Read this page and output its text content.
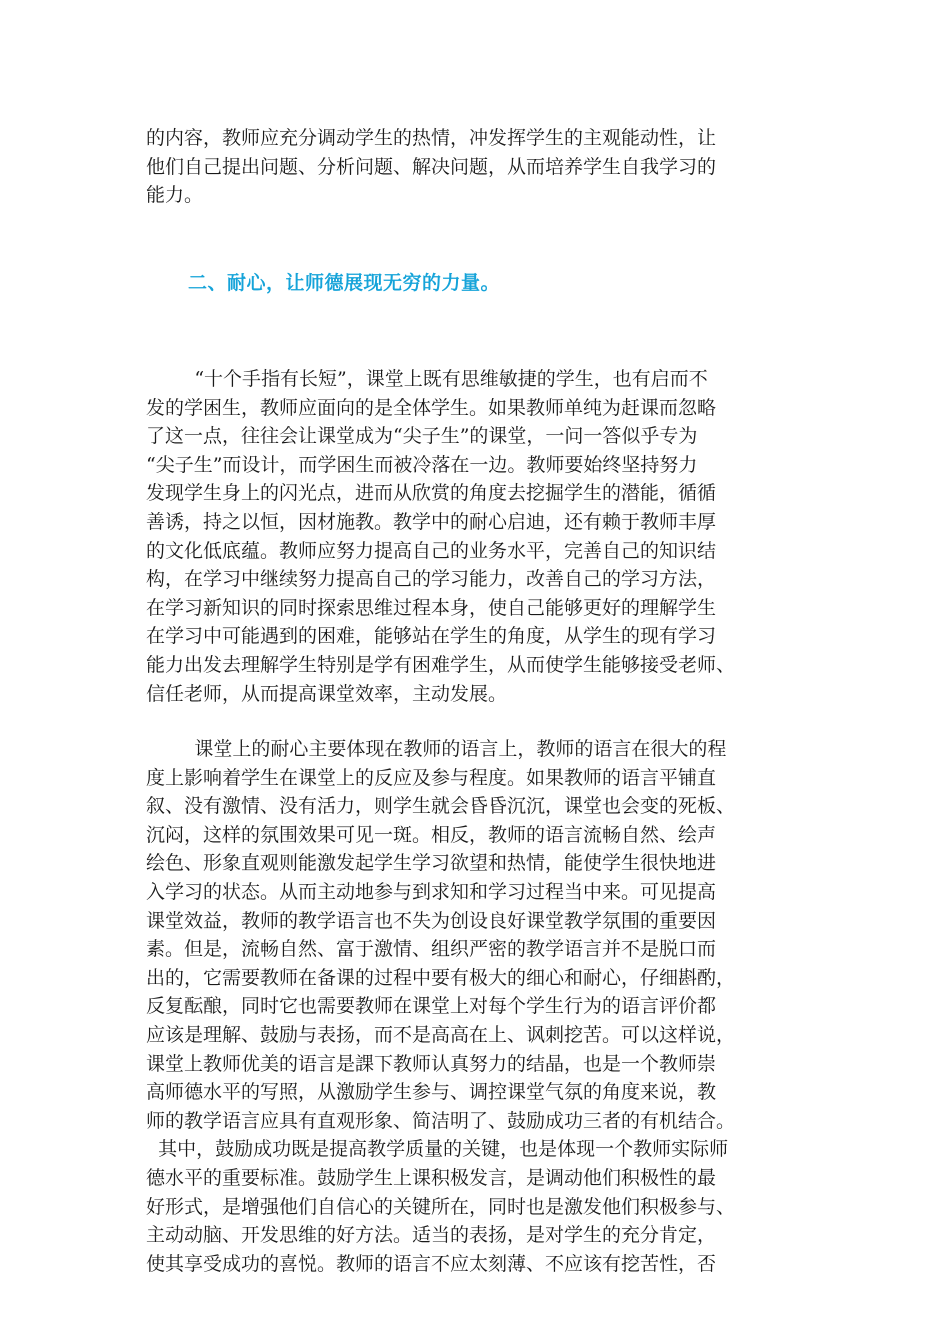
的内容，教师应充分调动学生的热情，冲发挥学生的主观能动性，让
他们自己提出问题、分析问题、解决问题，从而培养学生自我学习的
能力。
二、耐心，让师德展现无穷的力量。
“十个手指有长短”，课堂上既有思维敏捷的学生，也有启而不
发的学困生，教师应面向的是全体学生。如果教师单纯为赶课而忽略
了这一点，往往会让课堂成为“尖子生”的课堂，一问一答似乎专为
“尖子生”而设计，而学困生而被冷落在一边。教师要始终坚持努力
发现学生身上的闪光点，进而从欣赏的角度去挖掘学生的潜能，循循
善诱，持之以恒，因材施教。教学中的耐心启迪，还有赖于教师丰厚
的文化低底蕴。教师应努力提高自己的业务水平，完善自己的知识结
构，在学习中继续努力提高自己的学习能力，改善自己的学习方法，
在学习新知识的同时探索思维过程本身，使自己能够更好的理解学生
在学习中可能遇到的困难，能够站在学生的角度，从学生的现有学习
能力出发去理解学生特别是学有困难学生，从而使学生能够接受老师、
信任老师，从而提高课堂效率，主动发展。
课堂上的耐心主要体现在教师的语言上，教师的语言在很大的程
度上影响着学生在课堂上的反应及参与程度。如果教师的语言平铺直
叙、没有激情、没有活力，则学生就会昏昏沉沉，课堂也会变的死板、
沉闷，这样的氛围效果可见一斑。相反，教师的语言流畅自然、绘声
绘色、形象直观则能激发起学生学习欲望和热情，能使学生很快地进
入学习的状态。从而主动地参与到求知和学习过程当中来。可见提高
课堂效益，教师的教学语言也不失为创设良好课堂教学氛围的重要因
素。但是，流畅自然、富于激情、组织严密的教学语言并不是脱口而
出的，它需要教师在备课的过程中要有极大的细心和耐心，仔细斟酌，
反复酝酿，同时它也需要教师在课堂上对每个学生行为的语言评价都
应该是理解、鼓励与表扬，而不是高高在上、讽刺挖苦。可以这样说，
课堂上教师优美的语言是課下教师认真努力的结晶，也是一个教师崇
高师德水平的写照，从激励学生参与、调控课堂气氛的角度来说，教
师的教学语言应具有直观形象、简洁明了、鼓励成功三者的有机结合。
其中，鼓励成功既是提高教学质量的关键，也是体现一个教师实际师
德水平的重要标准。鼓励学生上课积极发言，是调动他们积极性的最
好形式，是增强他们自信心的关键所在，同时也是激发他们积极参与、
主动动脑、开发思维的好方法。适当的表扬，是对学生的充分肯定，
使其享受成功的喜悦。教师的语言不应太刻薄、不应该有挖苦性，否
